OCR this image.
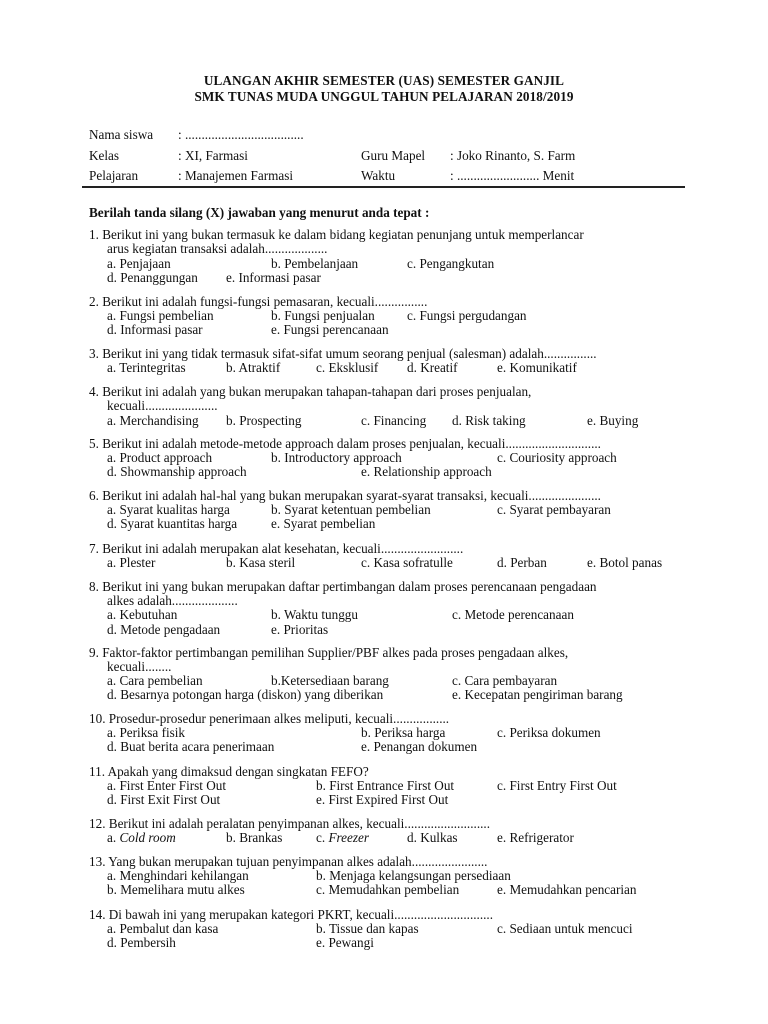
ULANGAN AKHIR SEMESTER (UAS) SEMESTER GANJIL
SMK TUNAS MUDA UNGGUL TAHUN PELAJARAN 2018/2019
Nama siswa : ....................................
Kelas	: XI, Farmasi	Guru Mapel : Joko Rinanto, S. Farm
Pelajaran	: Manajemen Farmasi	Waktu	: ......................... Menit
Berilah tanda silang (X) jawaban yang menurut anda tepat :
1. Berikut ini yang bukan termasuk ke dalam bidang kegiatan penunjang untuk memperlancar
arus kegiatan transaksi adalah...................
a. Penjajaan	b. Pembelanjaan	c. Pengangkutan
d. Penanggungan e. Informasi pasar
2. Berikut ini adalah fungsi-fungsi pemasaran, kecuali................
a. Fungsi pembelian	b. Fungsi penjualan c. Fungsi pergudangan
d. Informasi pasar	e. Fungsi perencanaan
3. Berikut ini yang tidak termasuk sifat-sifat umum seorang penjual (salesman) adalah................
a. Terintegritas	b. Atraktif	c. Eksklusif d. Kreatif	e. Komunikatif
4. Berikut ini adalah yang bukan merupakan tahapan-tahapan dari proses penjualan,
kecuali......................
a. Merchandising b. Prospecting	c. Financing d. Risk taking	e. Buying
5. Berikut ini adalah metode-metode approach dalam proses penjualan, kecuali.............................
a. Product approach	b. Introductory approach	c. Couriosity approach
d. Showmanship approach	e. Relationship approach
6. Berikut ini adalah hal-hal yang bukan merupakan syarat-syarat transaksi, kecuali......................
a. Syarat kualitas harga	b. Syarat ketentuan pembelian	c. Syarat pembayaran
d. Syarat kuantitas harga	e. Syarat pembelian
7. Berikut ini adalah merupakan alat kesehatan, kecuali.........................
a. Plester	b. Kasa steril	c. Kasa sofratulle	d. Perban	e. Botol panas
8. Berikut ini yang bukan merupakan daftar pertimbangan dalam proses perencanaan pengadaan
alkes adalah....................
a. Kebutuhan	b. Waktu tunggu	c. Metode perencanaan
d. Metode pengadaan	e. Prioritas
9. Faktor-faktor pertimbangan pemilihan Supplier/PBF alkes pada proses pengadaan alkes,
kecuali........
a. Cara pembelian	b.Ketersediaan barang	c. Cara pembayaran
d. Besarnya potongan harga (diskon) yang diberikan	e. Kecepatan pengiriman barang
10. Prosedur-prosedur penerimaan alkes meliputi, kecuali.................
a. Periksa fisik	b. Periksa harga	c. Periksa dokumen
d. Buat berita acara penerimaan	e. Penangan dokumen
11. Apakah yang dimaksud dengan singkatan FEFO?
a. First Enter First Out	b. First Entrance First Out	c. First Entry First Out
d. First Exit First Out	e. First Expired First Out
12. Berikut ini adalah peralatan penyimpanan alkes, kecuali..........................
a. Cold room	b. Brankas	c. Freezer	d. Kulkas	e. Refrigerator
13. Yang bukan merupakan tujuan penyimpanan alkes adalah.......................
a. Menghindari kehilangan	b. Menjaga kelangsungan persediaan
b. Memelihara mutu alkes	c. Memudahkan pembelian	e. Memudahkan pencarian
14. Di bawah ini yang merupakan kategori PKRT, kecuali..............................
a. Pembalut dan kasa	b. Tissue dan kapas	c. Sediaan untuk mencuci
d. Pembersih	e. Pewangi
